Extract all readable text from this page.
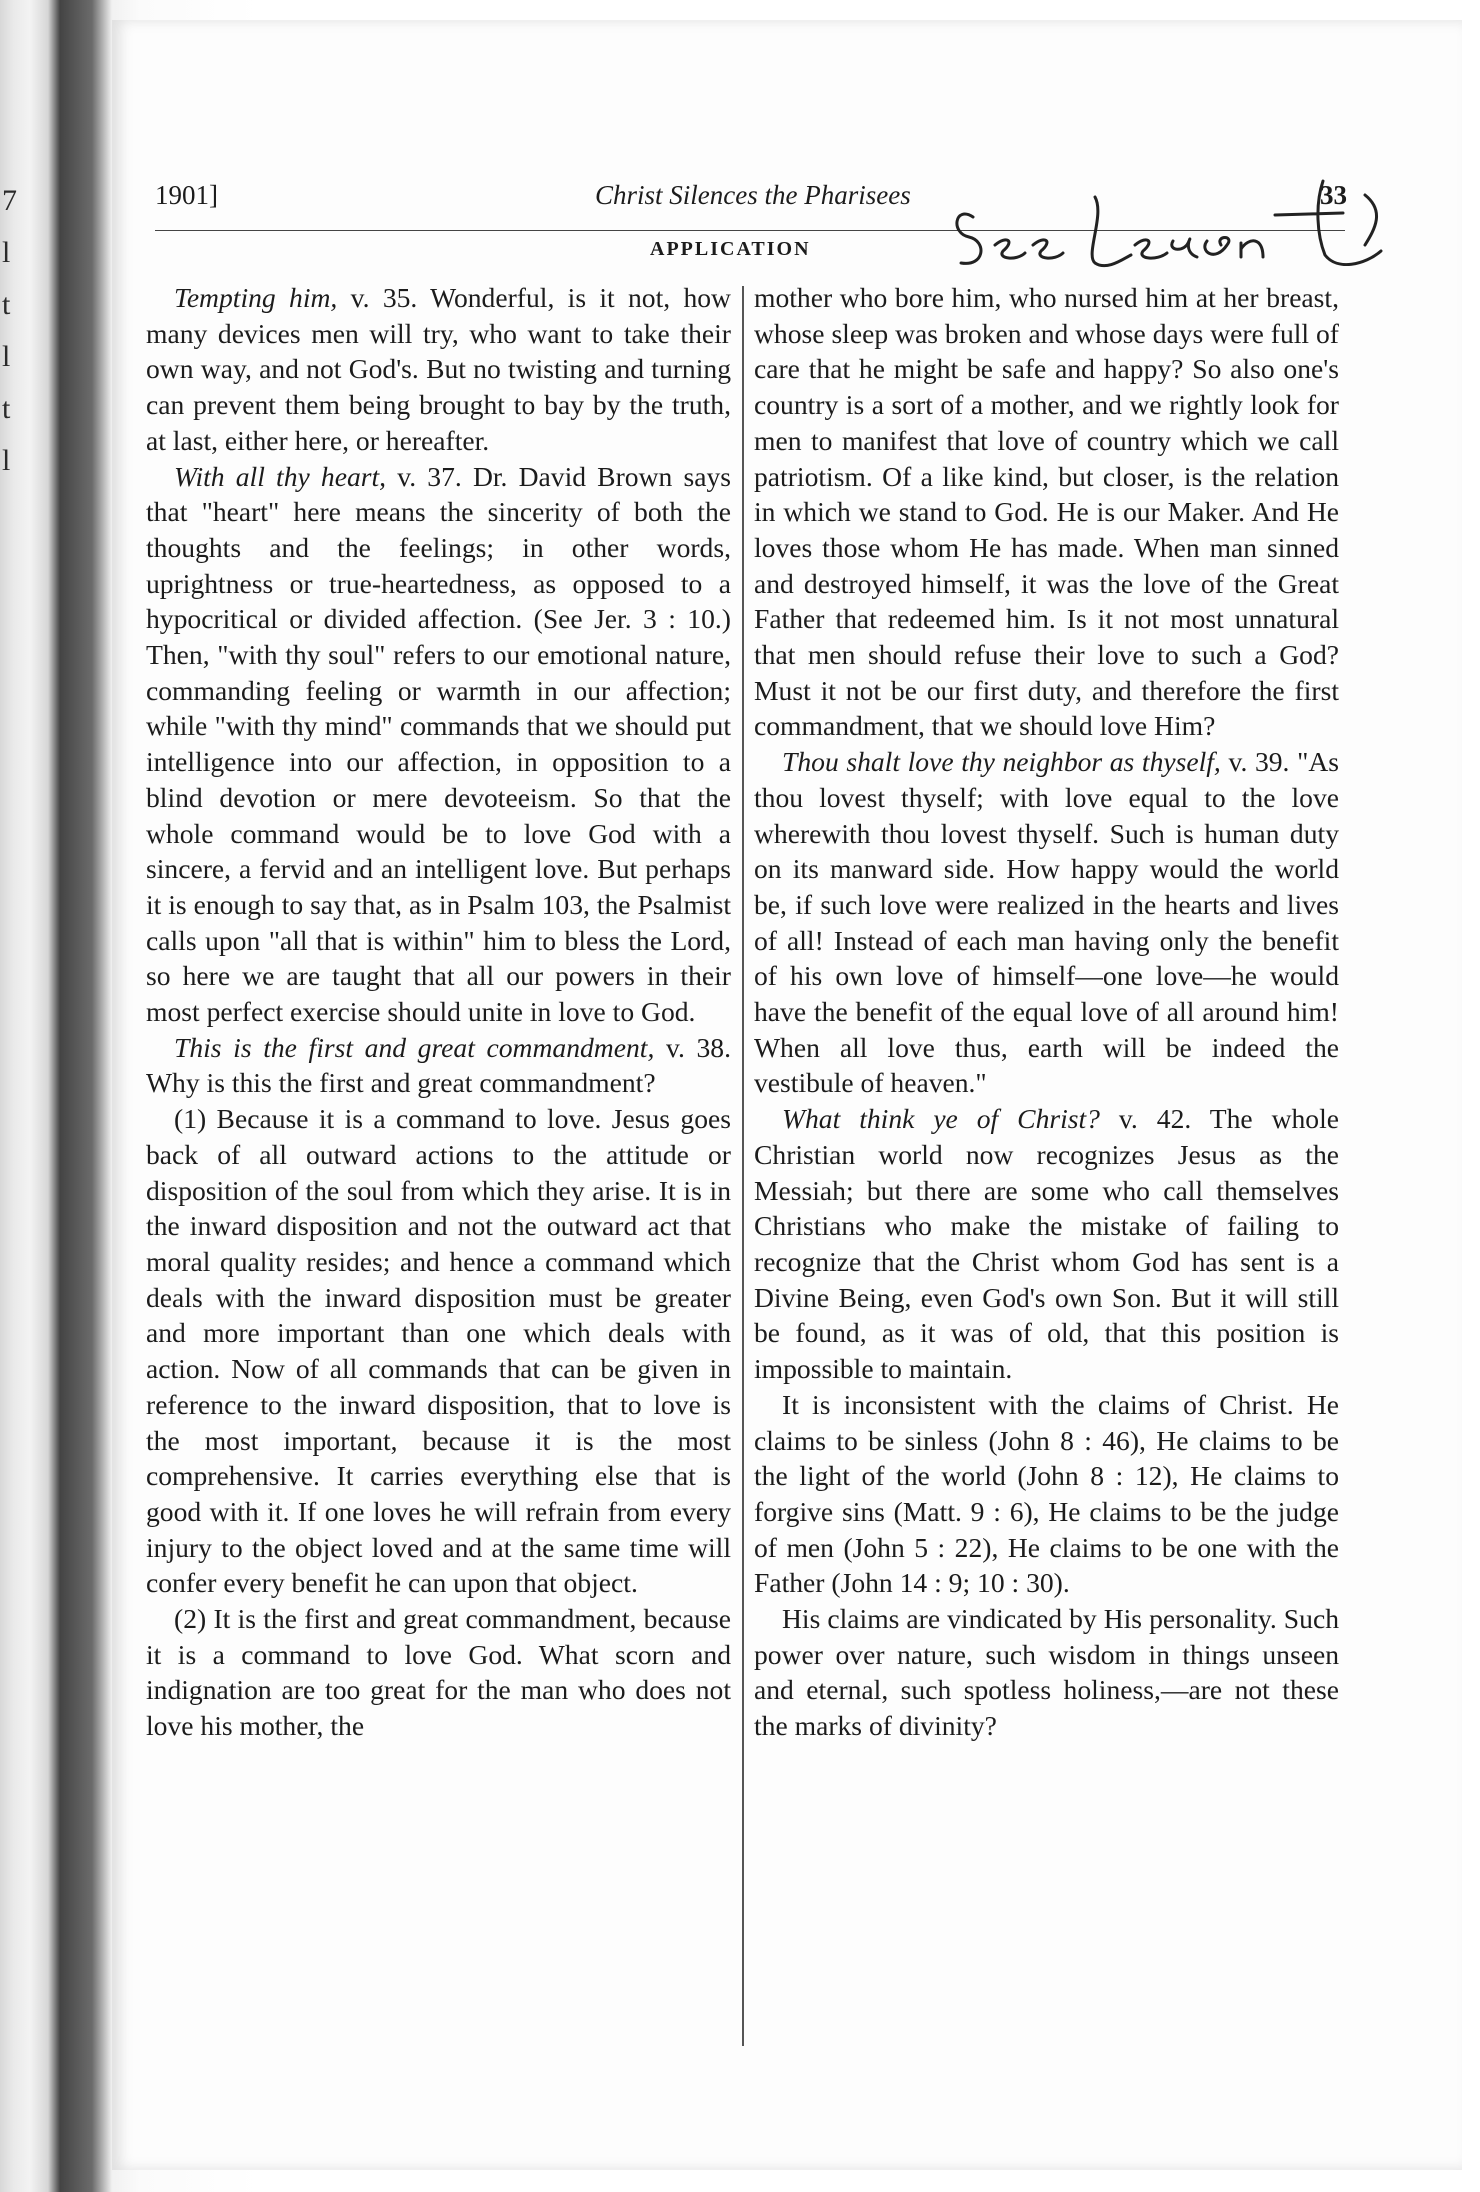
7
l
t
l
t
l
1901]	Christ Silences the Pharisees	33
APPLICATION

Tempting him, v. 35. Wonderful, is it not, how many devices men will try, who want to take their own way, and not God's. But no twisting and turning can prevent them being brought to bay by the truth, at last, either here, or hereafter.

With all thy heart, v. 37. Dr. David Brown says that "heart" here means the sincerity of both the thoughts and the feelings; in other words, uprightness or true-heartedness, as opposed to a hypocritical or divided affection. (See Jer. 3 : 10.) Then, "with thy soul" refers to our emotional nature, commanding feeling or warmth in our affection; while "with thy mind" commands that we should put intelligence into our affection, in opposition to a blind devotion or mere devoteeism. So that the whole command would be to love God with a sincere, a fervid and an intelligent love. But perhaps it is enough to say that, as in Psalm 103, the Psalmist calls upon "all that is within" him to bless the Lord, so here we are taught that all our powers in their most perfect exercise should unite in love to God.

This is the first and great commandment, v. 38. Why is this the first and great commandment?

(1) Because it is a command to love. Jesus goes back of all outward actions to the attitude or disposition of the soul from which they arise. It is in the inward disposition and not the outward act that moral quality resides; and hence a command which deals with the inward disposition must be greater and more important than one which deals with action. Now of all commands that can be given in reference to the inward disposition, that to love is the most important, because it is the most comprehensive. It carries everything else that is good with it. If one loves he will refrain from every injury to the object loved and at the same time will confer every benefit he can upon that object.

(2) It is the first and great commandment, because it is a command to love God. What scorn and indignation are too great for the man who does not love his mother, the

mother who bore him, who nursed him at her breast, whose sleep was broken and whose days were full of care that he might be safe and happy? So also one's country is a sort of a mother, and we rightly look for men to manifest that love of country which we call patriotism. Of a like kind, but closer, is the relation in which we stand to God. He is our Maker. And He loves those whom He has made. When man sinned and destroyed himself, it was the love of the Great Father that redeemed him. Is it not most unnatural that men should refuse their love to such a God? Must it not be our first duty, and therefore the first commandment, that we should love Him?

Thou shalt love thy neighbor as thyself, v. 39. "As thou lovest thyself; with love equal to the love wherewith thou lovest thyself. Such is human duty on its manward side. How happy would the world be, if such love were realized in the hearts and lives of all! Instead of each man having only the benefit of his own love of himself—one love—he would have the benefit of the equal love of all around him! When all love thus, earth will be indeed the vestibule of heaven."

What think ye of Christ? v. 42. The whole Christian world now recognizes Jesus as the Messiah; but there are some who call themselves Christians who make the mistake of failing to recognize that the Christ whom God has sent is a Divine Being, even God's own Son. But it will still be found, as it was of old, that this position is impossible to maintain.

It is inconsistent with the claims of Christ. He claims to be sinless (John 8 : 46), He claims to be the light of the world (John 8 : 12), He claims to forgive sins (Matt. 9 : 6), He claims to be the judge of men (John 5 : 22), He claims to be one with the Father (John 14 : 9; 10 : 30).

His claims are vindicated by His personality. Such power over nature, such wisdom in things unseen and eternal, such spotless holiness,—are not these the marks of divinity?
